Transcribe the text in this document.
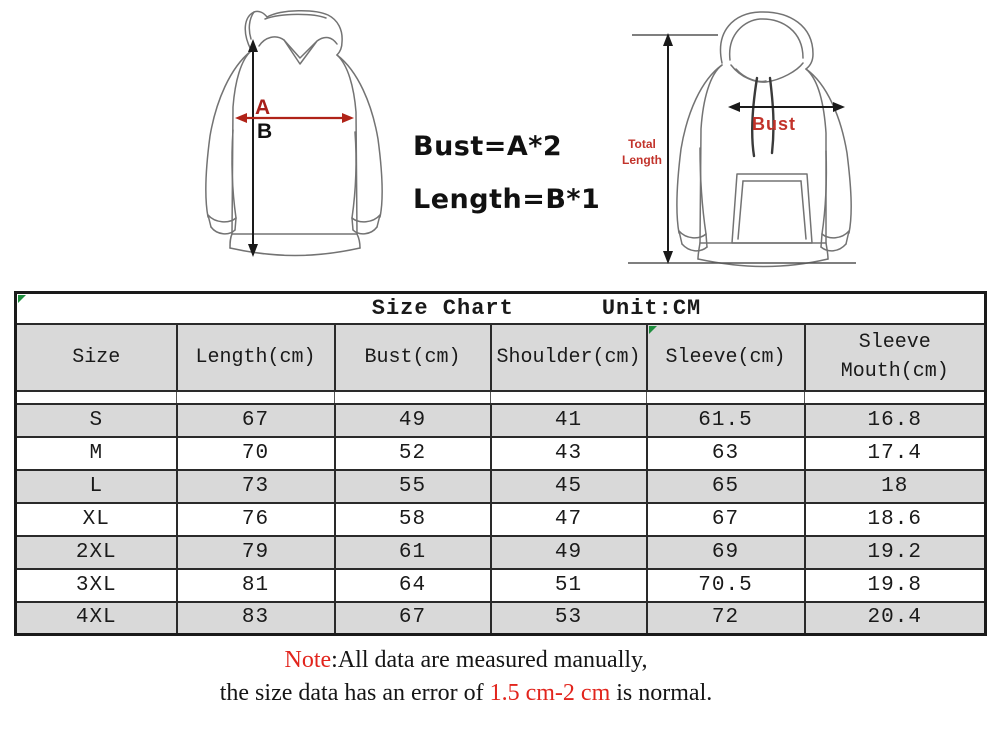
A
B	Bust=A*2
Length=B*1
Total
Length
Bust
Size Chart Unit:CM					

Size	Length(cm)	Bust(cm)	Shoulder(cm)	Sleeve(cm)	Sleeve Mouth(cm)

S	67	49	41	61.5	16.8
M	70	52	43	63	17.4
L	73	55	45	65	18
XL	76	58	47	67	18.6
2XL	79	61	49	69	19.2
3XL	81	64	51	70.5	19.8
4XL	83	67	53	72	20.4
Note:All data are measured manually,
the size data has an error of 1.5 cm-2 cm is normal.
